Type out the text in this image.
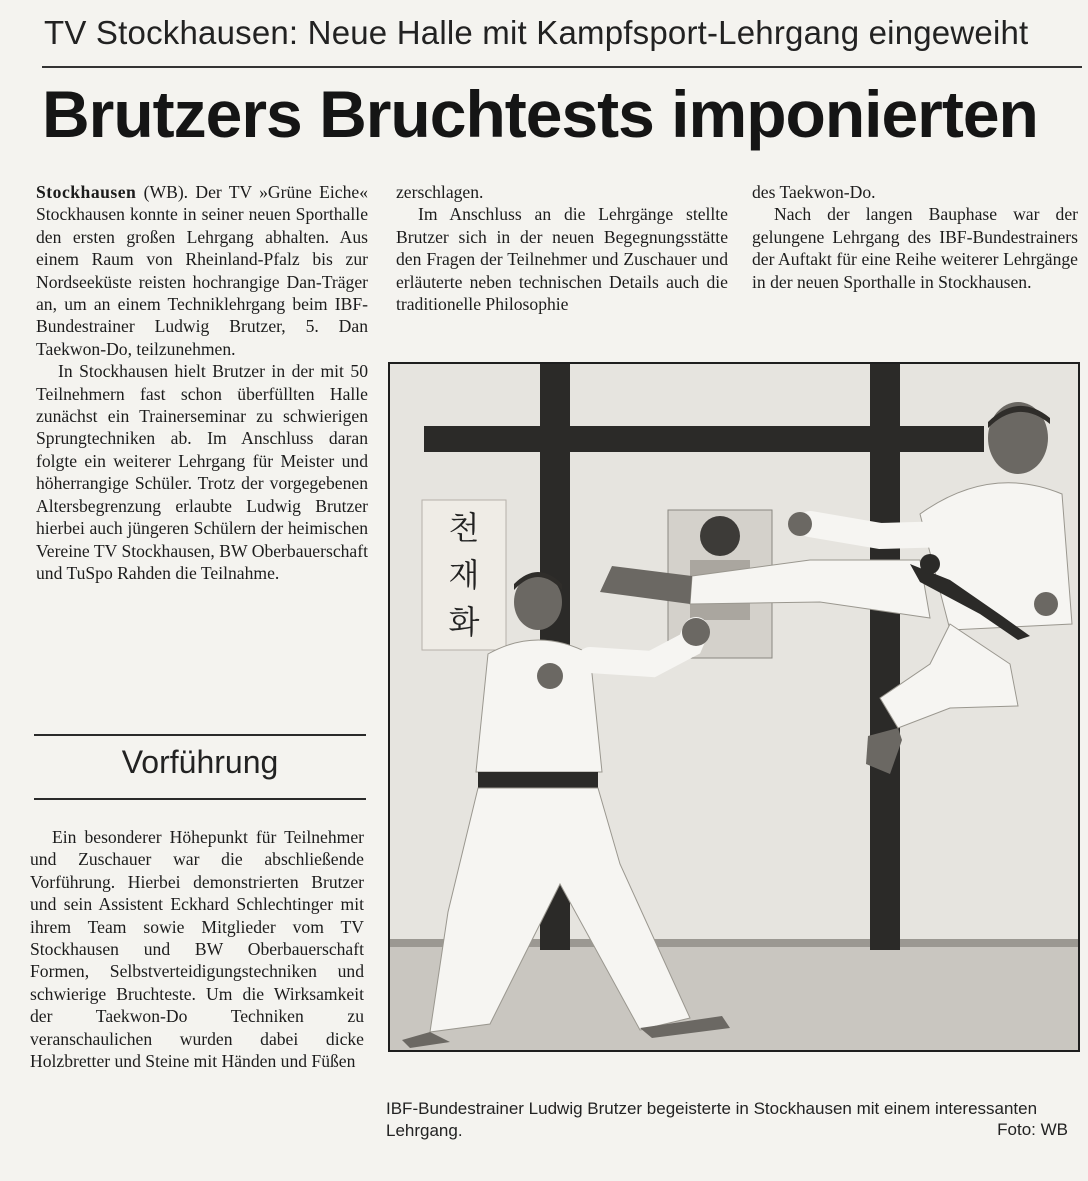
TV Stockhausen: Neue Halle mit Kampfsport-Lehrgang eingeweiht
Brutzers Bruchtests imponierten

Stockhausen (WB). Der TV »Grüne Eiche« Stockhausen konnte in seiner neuen Sporthalle den ersten großen Lehrgang abhalten. Aus einem Raum von Rheinland-Pfalz bis zur Nordseeküste reisten hochrangige Dan-Träger an, um an einem Techniklehrgang beim IBF-Bundestrainer Ludwig Brutzer, 5. Dan Taekwon-Do, teilzunehmen.

In Stockhausen hielt Brutzer in der mit 50 Teilnehmern fast schon überfüllten Halle zunächst ein Trainerseminar zu schwierigen Sprungtechniken ab. Im Anschluss daran folgte ein weiterer Lehrgang für Meister und höherrangige Schüler. Trotz der vorgegebenen Altersbegrenzung erlaubte Ludwig Brutzer hierbei auch jüngeren Schülern der heimischen Vereine TV Stockhausen, BW Oberbauerschaft und TuSpo Rahden die Teilnahme.

Vorführung

Ein besonderer Höhepunkt für Teilnehmer und Zuschauer war die abschließende Vorführung. Hierbei demonstrierten Brutzer und sein Assistent Eckhard Schlechtinger mit ihrem Team sowie Mitglieder vom TV Stockhausen und BW Oberbauerschaft Formen, Selbstverteidigungstechniken und schwierige Bruchteste. Um die Wirksamkeit der Taekwon-Do Techniken zu veranschaulichen wurden dabei dicke Holzbretter und Steine mit Händen und Füßen

zerschlagen.

Im Anschluss an die Lehrgänge stellte Brutzer sich in der neuen Begegnungsstätte den Fragen der Teilnehmer und Zuschauer und erläuterte neben technischen Details auch die traditionelle Philosophie

des Taekwon-Do.

Nach der langen Bauphase war der gelungene Lehrgang des IBF-Bundestrainers der Auftakt für eine Reihe weiterer Lehrgänge in der neuen Sporthalle in Stockhausen.

천
재
화
IBF-Bundestrainer Ludwig Brutzer begeisterte in Stockhausen mit einem interessanten Lehrgang.	Foto: WB
